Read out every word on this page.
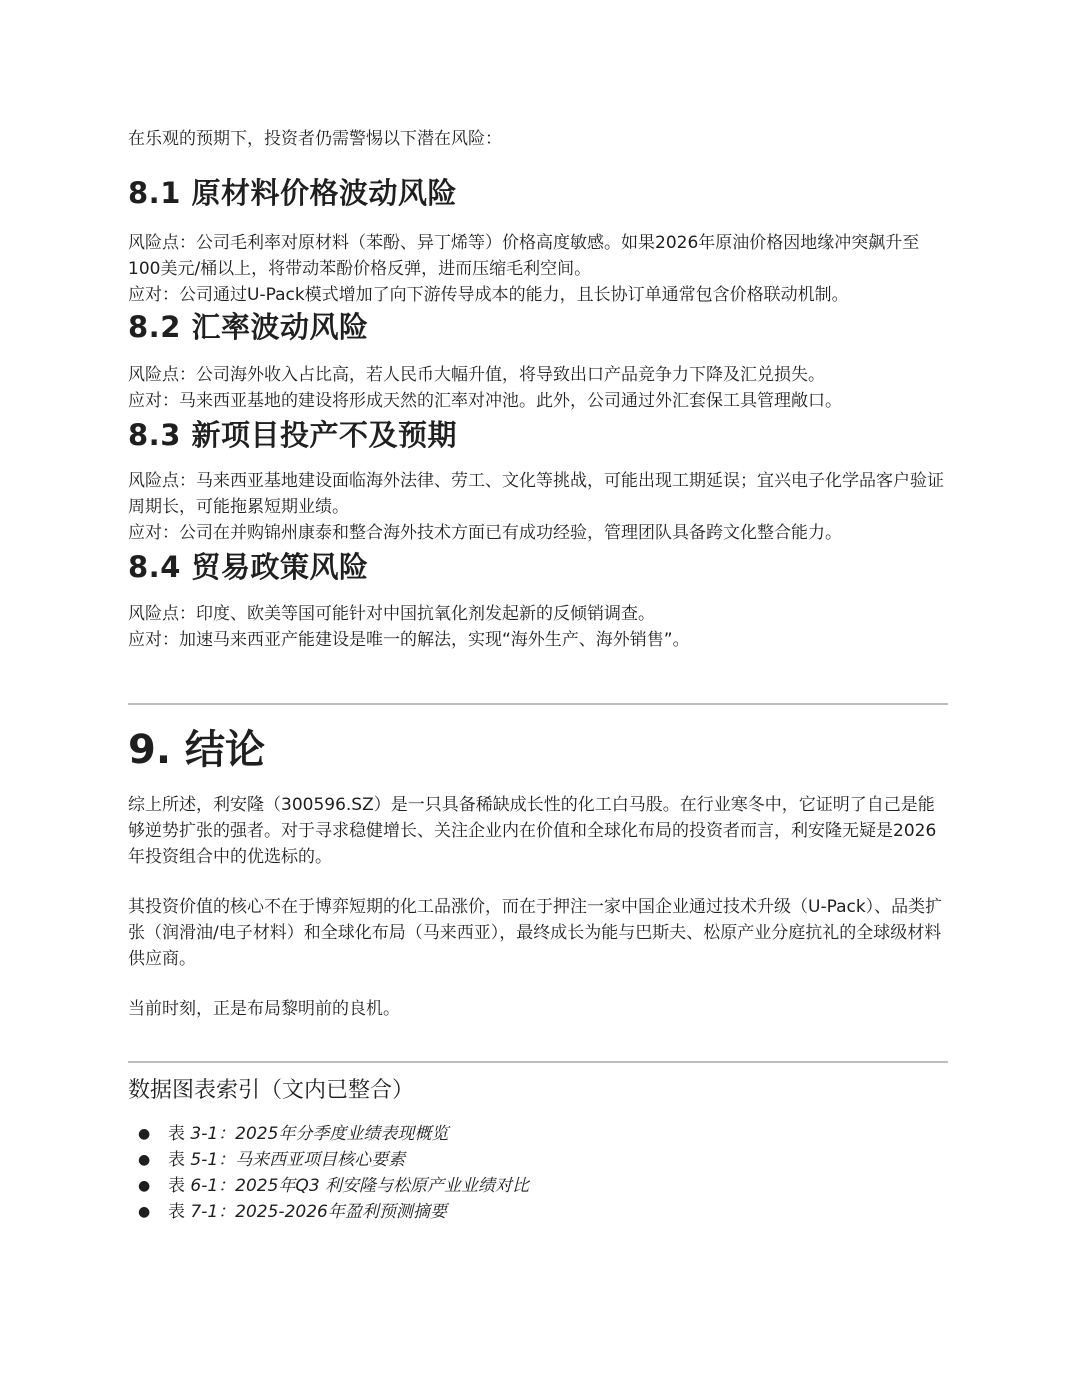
在乐观的预期下，投资者仍需警惕以下潜在风险：
8.1 原材料价格波动风险

风险点：公司毛利率对原材料（苯酚、异丁烯等）价格高度敏感。如果2026年原油价格因地缘冲突飙升至100美元/桶以上，将带动苯酚价格反弹，进而压缩毛利空间。

应对：公司通过U-Pack模式增加了向下游传导成本的能力，且长协订单通常包含价格联动机制。

8.2 汇率波动风险

风险点：公司海外收入占比高，若人民币大幅升值，将导致出口产品竞争力下降及汇兑损失。

应对：马来西亚基地的建设将形成天然的汇率对冲池。此外，公司通过外汇套保工具管理敞口。

8.3 新项目投产不及预期

风险点：马来西亚基地建设面临海外法律、劳工、文化等挑战，可能出现工期延误；宜兴电子化学品客户验证周期长，可能拖累短期业绩。

应对：公司在并购锦州康泰和整合海外技术方面已有成功经验，管理团队具备跨文化整合能力。

8.4 贸易政策风险

风险点：印度、欧美等国可能针对中国抗氧化剂发起新的反倾销调查。

应对：加速马来西亚产能建设是唯一的解法，实现“海外生产、海外销售”。

9. 结论
综上所述，利安隆（300596.SZ）是一只具备稀缺成长性的化工白马股。在行业寒冬中，它证明了自己是能够逆势扩张的强者。对于寻求稳健增长、关注企业内在价值和全球化布局的投资者而言，利安隆无疑是2026年投资组合中的优选标的。
其投资价值的核心不在于博弈短期的化工品涨价，而在于押注一家中国企业通过技术升级（U-Pack）、品类扩张（润滑油/电子材料）和全球化布局（马来西亚），最终成长为能与巴斯夫、松原产业分庭抗礼的全球级材料供应商。
当前时刻，正是布局黎明前的良机。
数据图表索引（文内已整合）
● 表 3-1：2025年分季度业绩表现概览
● 表 5-1：马来西亚项目核心要素
● 表 6-1：2025年Q3 利安隆与松原产业业绩对比
● 表 7-1：2025-2026年盈利预测摘要
